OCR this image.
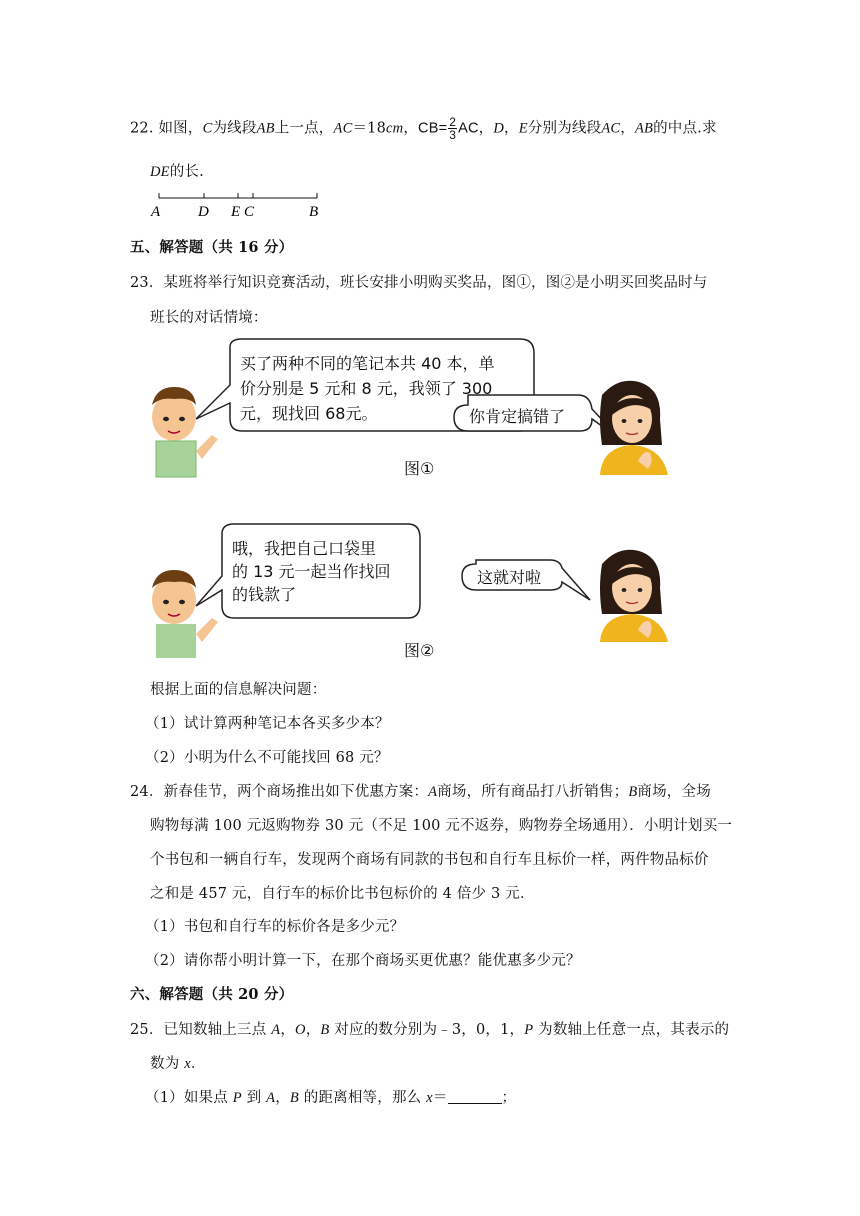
22. 如图，C为线段AB上一点，AC＝18cm，$CB= \frac{2}{3}$ AC，D，E分别为线段AC，AB的中点.求
DE的长.
A	D E C	B
五、解答题（共 16 分）
23．某班将举行知识竞赛活动，班长安排小明购买奖品，图①，图②是小明买回奖品时与
班长的对话情境：
买了两种不同的笔记本共 40 本，单
价分别是 5 元和 8 元，我领了 300
元，现找回 68元。	你肯定搞错了
图①
哦，我把自己口袋里
的 13 元一起当作找回
的钱款了
这就对啦
图②
根据上面的信息解决问题：
（1）试计算两种笔记本各买多少本？
（2）小明为什么不可能找回 68 元？
24．新春佳节，两个商场推出如下优惠方案：A商场，所有商品打八折销售；B商场，全场
购物每满 100 元返购物券 30 元（不足 100 元不返券，购物券全场通用）．小明计划买一
个书包和一辆自行车，发现两个商场有同款的书包和自行车且标价一样，两件物品标价
之和是 457 元，自行车的标价比书包标价的 4 倍少 3 元．
（1）书包和自行车的标价各是多少元？
（2）请你帮小明计算一下，在那个商场买更优惠？能优惠多少元？
六、解答题（共 20 分）
25．已知数轴上三点 A，O，B 对应的数分别为﹣3，0，1，P 为数轴上任意一点，其表示的
数为 x．
（1）如果点 P 到 A，B 的距离相等，那么 x＝	；
